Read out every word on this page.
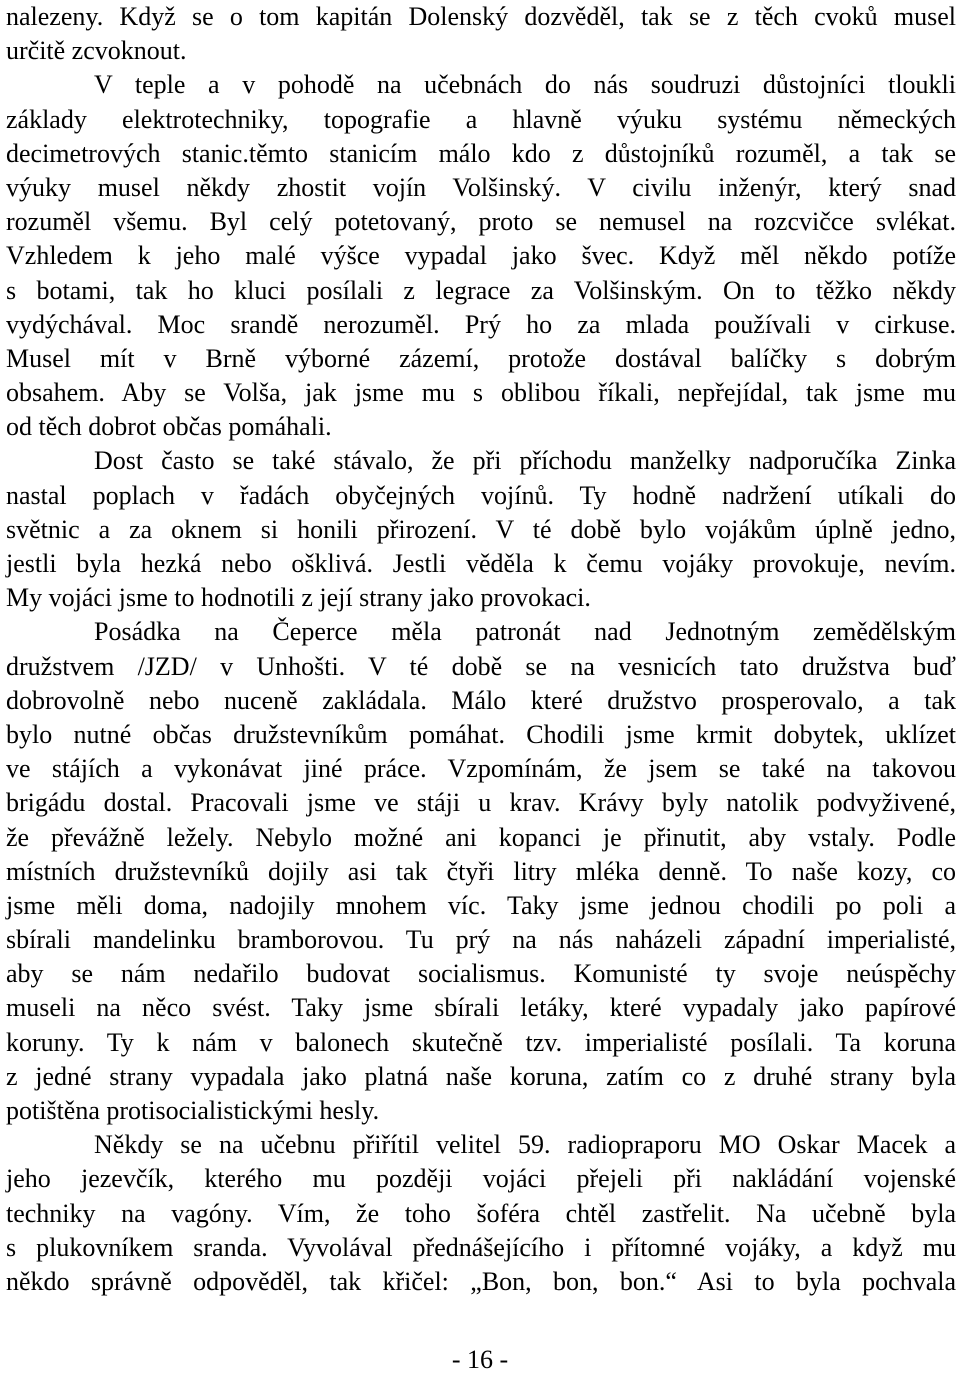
nalezeny. Když se o tom kapitán Dolenský dozvěděl, tak se z těch cvoků musel
určitě zcvoknout.
V teple a v pohodě na učebnách do nás soudruzi důstojníci tloukli
základy elektrotechniky, topografie a hlavně výuku systému německých
decimetrových stanic.těmto stanicím málo kdo z důstojníků rozuměl, a tak se
výuky musel někdy zhostit vojín Volšinský. V civilu inženýr, který snad
rozuměl všemu. Byl celý potetovaný, proto se nemusel na rozcvičce svlékat.
Vzhledem k jeho malé výšce vypadal jako švec. Když měl někdo potíže
s botami, tak ho kluci posílali z legrace za Volšinským. On to těžko někdy
vydýchával. Moc srandě nerozuměl. Prý ho za mlada používali v cirkuse.
Musel mít v Brně výborné zázemí, protože dostával balíčky s dobrým
obsahem. Aby se Volša, jak jsme mu s oblibou říkali, nepřejídal, tak jsme mu
od těch dobrot občas pomáhali.
Dost často se také stávalo, že při příchodu manželky nadporučíka Zinka
nastal poplach v řadách obyčejných vojínů. Ty hodně nadržení utíkali do
světnic a za oknem si honili přirození. V té době bylo vojákům úplně jedno,
jestli byla hezká nebo ošklivá. Jestli věděla k čemu vojáky provokuje, nevím.
My vojáci jsme to hodnotili z její strany jako provokaci.
Posádka na Čeperce měla patronát nad Jednotným zemědělským
družstvem /JZD/ v Unhošti. V té době se na vesnicích tato družstva buď
dobrovolně nebo nuceně zakládala. Málo které družstvo prosperovalo, a tak
bylo nutné občas družstevníkům pomáhat. Chodili jsme krmit dobytek, uklízet
ve stájích a vykonávat jiné práce. Vzpomínám, že jsem se také na takovou
brigádu dostal. Pracovali jsme ve stáji u krav. Krávy byly natolik podvyživené,
že převážně ležely. Nebylo možné ani kopanci je přinutit, aby vstaly. Podle
místních družstevníků dojily asi tak čtyři litry mléka denně. To naše kozy, co
jsme měli doma, nadojily mnohem víc. Taky jsme jednou chodili po poli a
sbírali mandelinku bramborovou. Tu prý na nás naházeli západní imperialisté,
aby se nám nedařilo budovat socialismus. Komunisté ty svoje neúspěchy
museli na něco svést. Taky jsme sbírali letáky, které vypadaly jako papírové
koruny. Ty k nám v balonech skutečně tzv. imperialisté posílali. Ta koruna
z jedné strany vypadala jako platná naše koruna, zatím co z druhé strany byla
potištěna protisocialistickými hesly.
Někdy se na učebnu přiřítil velitel 59. radiopraporu MO Oskar Macek a
jeho jezevčík, kterého mu později vojáci přejeli při nakládání vojenské
techniky na vagóny. Vím, že toho šoféra chtěl zastřelit. Na učebně byla
s plukovníkem sranda. Vyvolával přednášejícího i přítomné vojáky, a když mu
někdo správně odpověděl, tak křičel: „Bon, bon, bon.“ Asi to byla pochvala
- 16 -
